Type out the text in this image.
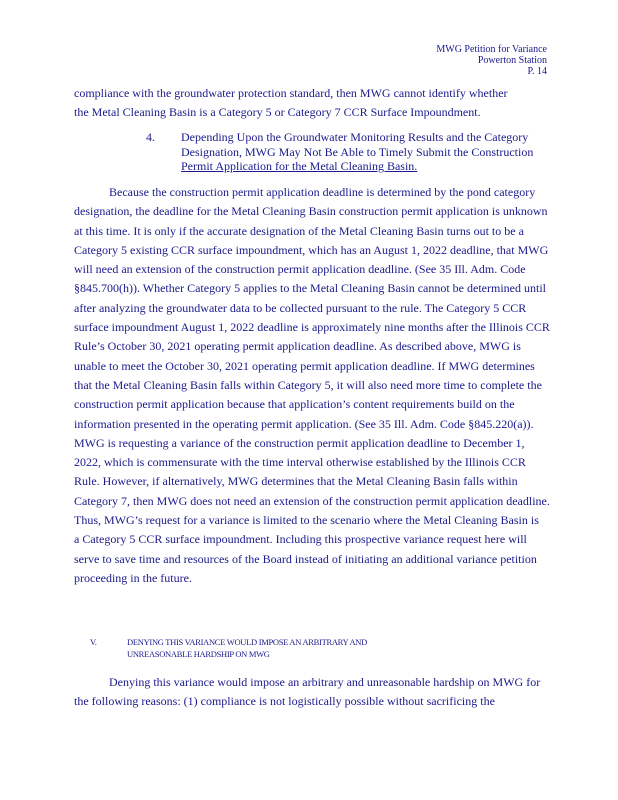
MWG Petition for Variance
Powerton Station
P. 14
compliance with the groundwater protection standard, then MWG cannot identify whether
the Metal Cleaning Basin is a Category 5 or Category 7 CCR Surface Impoundment.
4. Depending Upon the Groundwater Monitoring Results and the Category
Designation, MWG May Not Be Able to Timely Submit the Construction
Permit Application for the Metal Cleaning Basin.
Because the construction permit application deadline is determined by the pond category
designation, the deadline for the Metal Cleaning Basin construction permit application is unknown
at this time. It is only if the accurate designation of the Metal Cleaning Basin turns out to be a
Category 5 existing CCR surface impoundment, which has an August 1, 2022 deadline, that MWG
will need an extension of the construction permit application deadline. (See 35 Ill. Adm. Code
§845.700(h)). Whether Category 5 applies to the Metal Cleaning Basin cannot be determined until
after analyzing the groundwater data to be collected pursuant to the rule. The Category 5 CCR
surface impoundment August 1, 2022 deadline is approximately nine months after the Illinois CCR
Rule’s October 30, 2021 operating permit application deadline. As described above, MWG is
unable to meet the October 30, 2021 operating permit application deadline. If MWG determines
that the Metal Cleaning Basin falls within Category 5, it will also need more time to complete the
construction permit application because that application’s content requirements build on the
information presented in the operating permit application. (See 35 Ill. Adm. Code §845.220(a)).
MWG is requesting a variance of the construction permit application deadline to December 1,
2022, which is commensurate with the time interval otherwise established by the Illinois CCR
Rule. However, if alternatively, MWG determines that the Metal Cleaning Basin falls within
Category 7, then MWG does not need an extension of the construction permit application deadline.
Thus, MWG’s request for a variance is limited to the scenario where the Metal Cleaning Basin is
a Category 5 CCR surface impoundment. Including this prospective variance request here will
serve to save time and resources of the Board instead of initiating an additional variance petition
proceeding in the future.
V.	DENYING THIS VARIANCE WOULD IMPOSE AN ARBITRARY AND
UNREASONABLE HARDSHIP ON MWG
Denying this variance would impose an arbitrary and unreasonable hardship on MWG for
the following reasons: (1) compliance is not logistically possible without sacrificing the
